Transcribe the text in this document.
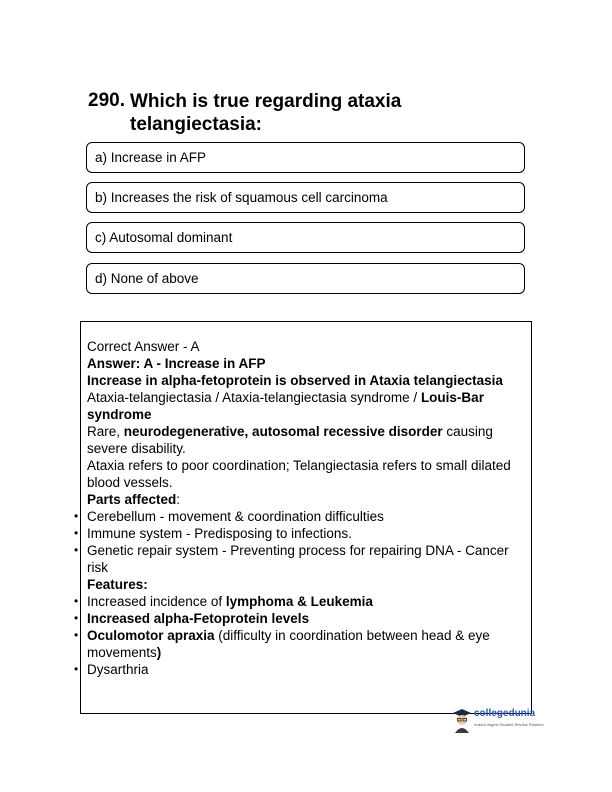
290. Which is true regarding ataxia telangiectasia:
a) Increase in AFP
b) Increases the risk of squamous cell carcinoma
c) Autosomal dominant
d) None of above

Correct Answer - A

Answer: A - Increase in AFP

Increase in alpha-fetoprotein is observed in Ataxia telangiectasia

Ataxia-telangiectasia / Ataxia-telangiectasia syndrome / Louis-Bar syndrome

Rare, neurodegenerative, autosomal recessive disorder causing severe disability.

Ataxia refers to poor coordination; Telangiectasia refers to small dilated blood vessels.

Parts affected:

• Cerebellum - movement & coordination difficulties

• Immune system - Predisposing to infections.

• Genetic repair system - Preventing process for repairing DNA - Cancer risk

Features:

• Increased incidence of lymphoma & Leukemia

• Increased alpha-Fetoprotein levels

• Oculomotor apraxia (difficulty in coordination between head & eye movements)

• Dysarthria

collegedunia
India's largest Student Review Platform
